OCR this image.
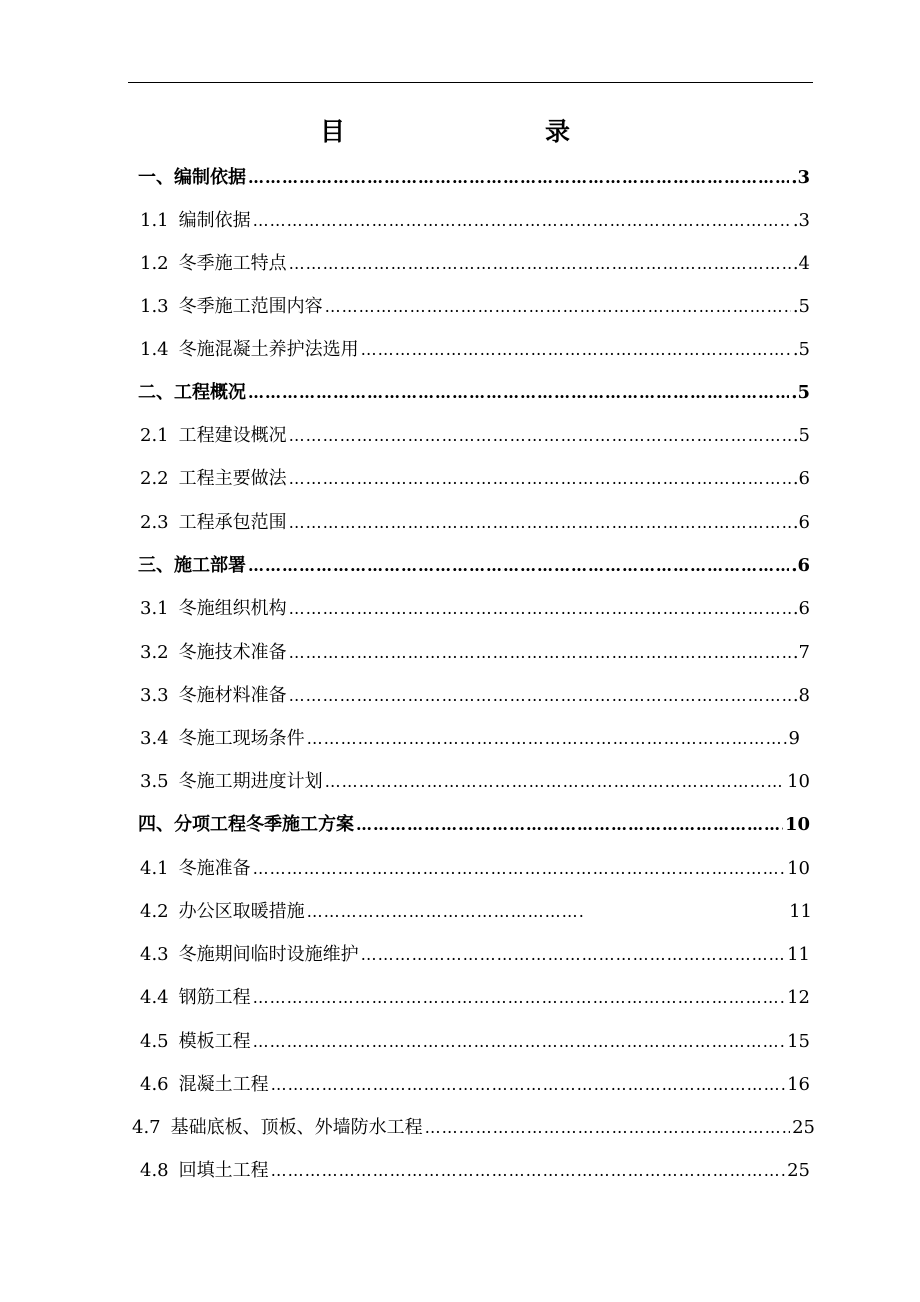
目　　录
一、编制依据 ……………………………………………………………………………………………………………………………………………………………………………………………………………………	.3
1.1 编制依据 ……………………………………………………………………………………………………………………………………………………………………………………………………………………	.3
1.2 冬季施工特点 ……………………………………………………………………………………………………………………………………………………………………………………………………………………	.4
1.3 冬季施工范围内容 ……………………………………………………………………………………………………………………………………………………………………………………………………………………	.5
1.4 冬施混凝土养护法选用 ……………………………………………………………………………………………………………………………………………………………………………………………………………………	.5
二、工程概况 ……………………………………………………………………………………………………………………………………………………………………………………………………………………	.5
2.1 工程建设概况 ……………………………………………………………………………………………………………………………………………………………………………………………………………………	.5
2.2 工程主要做法 ……………………………………………………………………………………………………………………………………………………………………………………………………………………	.6
2.3 工程承包范围 ……………………………………………………………………………………………………………………………………………………………………………………………………………………	.6
三、施工部署 ……………………………………………………………………………………………………………………………………………………………………………………………………………………	.6
3.1 冬施组织机构 ……………………………………………………………………………………………………………………………………………………………………………………………………………………	.6
3.2 冬施技术准备 ……………………………………………………………………………………………………………………………………………………………………………………………………………………	.7
3.3 冬施材料准备 ……………………………………………………………………………………………………………………………………………………………………………………………………………………	.8
3.4 冬施工现场条件 ……………………………………………………………………………………………………………………………………………………………………………………………………………………	9
3.5 冬施工期进度计划 ……………………………………………………………………………………………………………………………………………………………………………………………………………………	10
四、分项工程冬季施工方案 ……………………………………………………………………………………………………………………………………………………………………………………………………………………	10
4.1 冬施准备 ……………………………………………………………………………………………………………………………………………………………………………………………………………………	10
4.2 办公区取暖措施 ……………………………………………………………………………………………………………………………………………………………………………………………………………………	11
4.3 冬施期间临时设施维护 ……………………………………………………………………………………………………………………………………………………………………………………………………………………	11
4.4 钢筋工程 ……………………………………………………………………………………………………………………………………………………………………………………………………………………	12
4.5 模板工程 ……………………………………………………………………………………………………………………………………………………………………………………………………………………	15
4.6 混凝土工程 ……………………………………………………………………………………………………………………………………………………………………………………………………………………	16
4.7 基础底板、顶板、外墙防水工程 ……………………………………………………………………………………………………………………………………………………………………………………………………………………	25
4.8 回填土工程 ……………………………………………………………………………………………………………………………………………………………………………………………………………………	25
